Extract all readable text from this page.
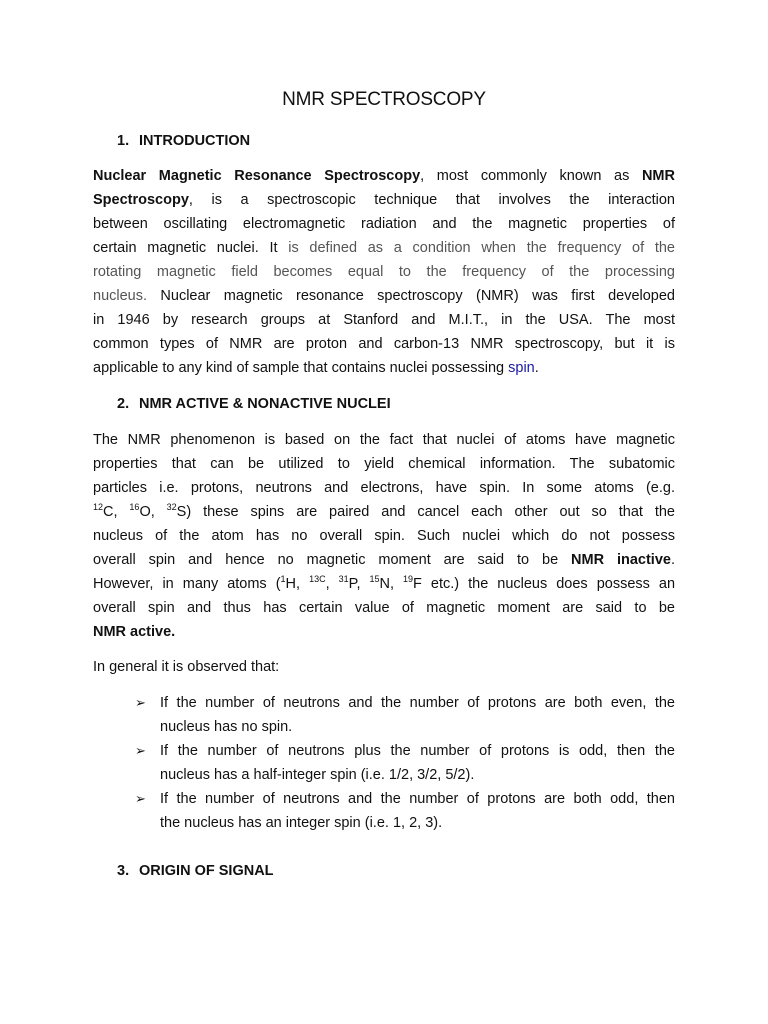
NMR SPECTROSCOPY
1. INTRODUCTION
Nuclear Magnetic Resonance Spectroscopy, most commonly known as NMR
Spectroscopy, is a spectroscopic technique that involves the interaction
between oscillating electromagnetic radiation and the magnetic properties of
certain magnetic nuclei. It is defined as a condition when the frequency of the
rotating magnetic field becomes equal to the frequency of the processing
nucleus. Nuclear magnetic resonance spectroscopy (NMR) was first developed
in 1946 by research groups at Stanford and M.I.T., in the USA. The most
common types of NMR are proton and carbon-13 NMR spectroscopy, but it is
applicable to any kind of sample that contains nuclei possessing spin.
2. NMR ACTIVE & NONACTIVE NUCLEI
The NMR phenomenon is based on the fact that nuclei of atoms have magnetic
properties that can be utilized to yield chemical information. The subatomic
particles i.e. protons, neutrons and electrons, have spin. In some atoms (e.g.
$^{12}$C, $^{16}$O, $^{32}$S) these spins are paired and cancel each other out so that the
nucleus of the atom has no overall spin. Such nuclei which do not possess
overall spin and hence no magnetic moment are said to be NMR inactive.
However, in many atoms ($^1$H, $^{13C}$, $^{31}$P, $^{15}$N, $^{19}$F etc.) the nucleus does possess an
overall spin and thus has certain value of magnetic moment are said to be
NMR active.
In general it is observed that:
➢ If the number of neutrons and the number of protons are both even, the
nucleus has no spin.
➢ If the number of neutrons plus the number of protons is odd, then the
nucleus has a half-integer spin (i.e. 1/2, 3/2, 5/2).
➢ If the number of neutrons and the number of protons are both odd, then
the nucleus has an integer spin (i.e. 1, 2, 3).
3. ORIGIN OF SIGNAL
